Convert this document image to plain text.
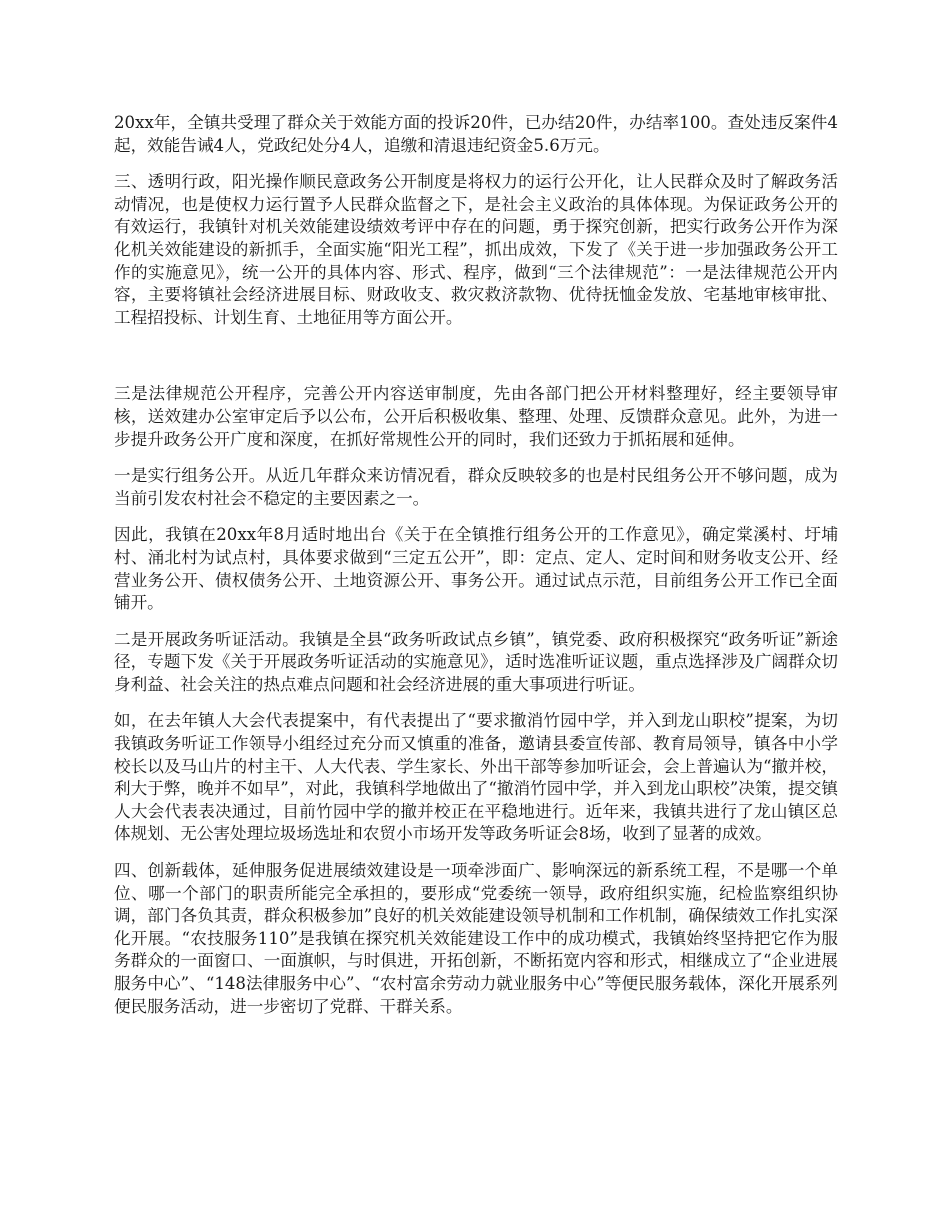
20xx年，全镇共受理了群众关于效能方面的投诉20件，已办结20件，办结率100。查处违反案件4起，效能告诫4人，党政纪处分4人，追缴和清退违纪资金5.6万元。

三、透明行政，阳光操作顺民意政务公开制度是将权力的运行公开化，让人民群众及时了解政务活动情况，也是使权力运行置予人民群众监督之下，是社会主义政治的具体体现。为保证政务公开的有效运行，我镇针对机关效能建设绩效考评中存在的问题，勇于探究创新，把实行政务公开作为深化机关效能建设的新抓手，全面实施“阳光工程”，抓出成效，下发了《关于进一步加强政务公开工作的实施意见》，统一公开的具体内容、形式、程序，做到“三个法律规范”：一是法律规范公开内容，主要将镇社会经济进展目标、财政收支、救灾救济款物、优待抚恤金发放、宅基地审核审批、工程招投标、计划生育、土地征用等方面公开。

三是法律规范公开程序，完善公开内容送审制度，先由各部门把公开材料整理好，经主要领导审核，送效建办公室审定后予以公布，公开后积极收集、整理、处理、反馈群众意见。此外，为进一步提升政务公开广度和深度，在抓好常规性公开的同时，我们还致力于抓拓展和延伸。

一是实行组务公开。从近几年群众来访情况看，群众反映较多的也是村民组务公开不够问题，成为当前引发农村社会不稳定的主要因素之一。

因此，我镇在20xx年8月适时地出台《关于在全镇推行组务公开的工作意见》，确定棠溪村、圩埔村、涌北村为试点村，具体要求做到“三定五公开”，即：定点、定人、定时间和财务收支公开、经营业务公开、债权债务公开、土地资源公开、事务公开。通过试点示范，目前组务公开工作已全面铺开。

二是开展政务听证活动。我镇是全县“政务听政试点乡镇”，镇党委、政府积极探究“政务听证”新途径，专题下发《关于开展政务听证活动的实施意见》，适时选准听证议题，重点选择涉及广阔群众切身利益、社会关注的热点难点问题和社会经济进展的重大事项进行听证。

如，在去年镇人大会代表提案中，有代表提出了“要求撤消竹园中学，并入到龙山职校”提案，为切我镇政务听证工作领导小组经过充分而又慎重的准备，邀请县委宣传部、教育局领导，镇各中小学校长以及马山片的村主干、人大代表、学生家长、外出干部等参加听证会，会上普遍认为“撤并校，利大于弊，晚并不如早”，对此，我镇科学地做出了“撤消竹园中学，并入到龙山职校”决策，提交镇人大会代表表决通过，目前竹园中学的撤并校正在平稳地进行。近年来，我镇共进行了龙山镇区总体规划、无公害处理垃圾场选址和农贸小市场开发等政务听证会8场，收到了显著的成效。

四、创新载体，延伸服务促进展绩效建设是一项牵涉面广、影响深远的新系统工程，不是哪一个单位、哪一个部门的职责所能完全承担的，要形成“党委统一领导，政府组织实施，纪检监察组织协调，部门各负其责，群众积极参加”良好的机关效能建设领导机制和工作机制，确保绩效工作扎实深化开展。“农技服务110”是我镇在探究机关效能建设工作中的成功模式，我镇始终坚持把它作为服务群众的一面窗口、一面旗帜，与时俱进，开拓创新，不断拓宽内容和形式，相继成立了“企业进展服务中心”、“148法律服务中心”、“农村富余劳动力就业服务中心”等便民服务载体，深化开展系列便民服务活动，进一步密切了党群、干群关系。
